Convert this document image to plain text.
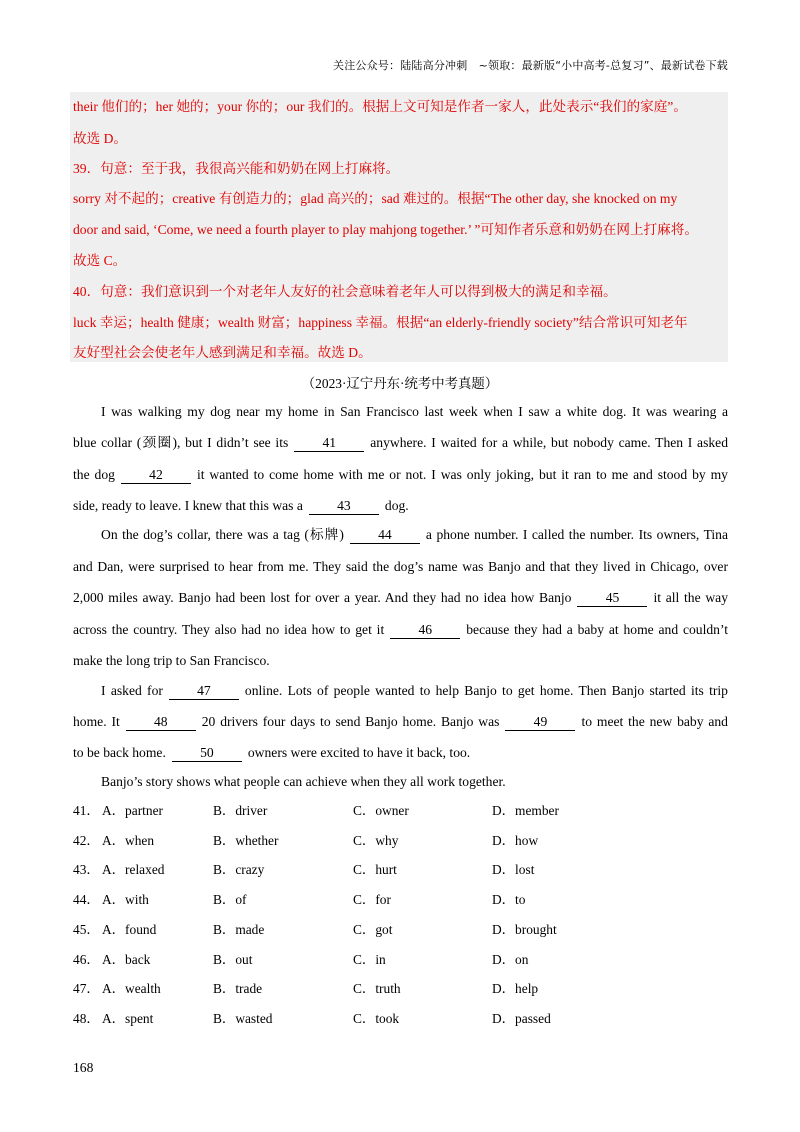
关注公众号：陆陆高分冲刺　~领取：最新版“小中高考-总复习”、最新试卷下载
their 他们的；her 她的；your 你的；our 我们的。根据上文可知是作者一家人，此处表示“我们的家庭”。
故选 D。
39．句意：至于我，我很高兴能和奶奶在网上打麻将。
sorry 对不起的；creative 有创造力的；glad 高兴的；sad 难过的。根据“The other day, she knocked on my
door and said, ‘Come, we need a fourth player to play mahjong together.’ ”可知作者乐意和奶奶在网上打麻将。
故选 C。
40．句意：我们意识到一个对老年人友好的社会意味着老年人可以得到极大的满足和幸福。
luck 幸运；health 健康；wealth 财富；happiness 幸福。根据“an elderly-friendly society”结合常识可知老年
友好型社会会使老年人感到满足和幸福。故选 D。
（2023·辽宁丹东·统考中考真题）
I was walking my dog near my home in San Francisco last week when I saw a white dog. It was wearing a
blue collar (颈圈), but I didn’t see its	41	anywhere. I waited for a while, but nobody came. Then I asked
the dog	42	it wanted to come home with me or not. I was only joking, but it ran to me and stood by my
side, ready to leave. I knew that this was a	43	dog.
On the dog’s collar, there was a tag (标牌)	44	a phone number. I called the number. Its owners, Tina
and Dan, were surprised to hear from me. They said the dog’s name was Banjo and that they lived in Chicago, over
2,000 miles away. Banjo had been lost for over a year. And they had no idea how Banjo	45	it all the way
across the country. They also had no idea how to get it	46	because they had a baby at home and couldn’t
make the long trip to San Francisco.
I asked for	47	online. Lots of people wanted to help Banjo to get home. Then Banjo started its trip
home. It	48	20 drivers four days to send Banjo home. Banjo was	49	to meet the new baby and
to be back home.	50	owners were excited to have it back, too.
Banjo’s story shows what people can achieve when they all work together.
41． A．partner	B．driver	C．owner	D．member
42． A．when	B．whether	C．why	D．how
43． A．relaxed	B．crazy	C．hurt	D．lost
44． A．with	B．of	C．for	D．to
45． A．found	B．made	C．got	D．brought
46． A．back	B．out	C．in	D．on
47． A．wealth	B．trade	C．truth	D．help
48． A．spent	B．wasted	C．took	D．passed
168
